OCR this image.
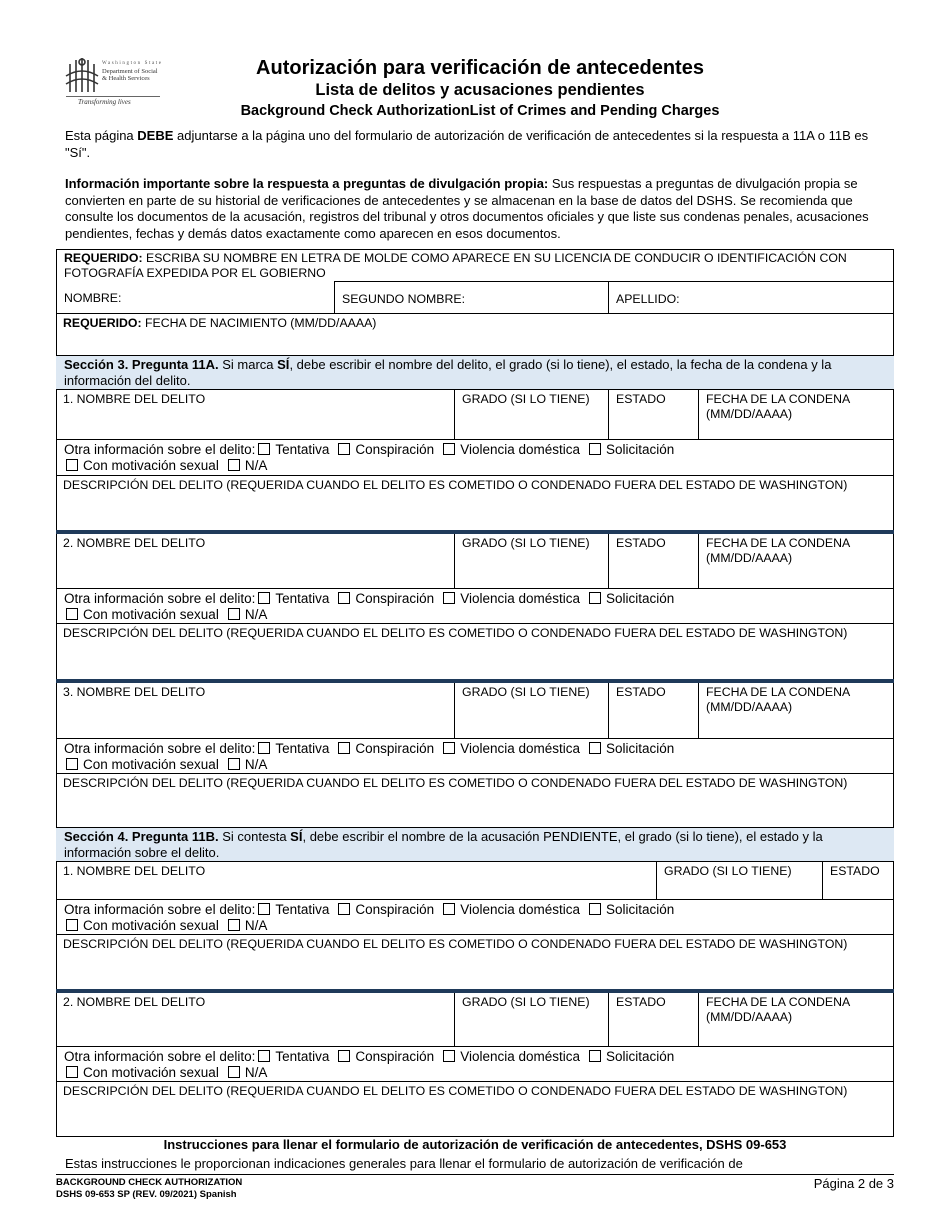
Washington State
Department of Social
& Health Services
Transforming lives
Autorización para verificación de antecedentes
Lista de delitos y acusaciones pendientes
Background Check AuthorizationList of Crimes and Pending Charges
Esta página DEBE adjuntarse a la página uno del formulario de autorización de verificación de antecedentes si la respuesta a 11A o 11B es "Sí".
Información importante sobre la respuesta a preguntas de divulgación propia: Sus respuestas a preguntas de divulgación propia se convierten en parte de su historial de verificaciones de antecedentes y se almacenan en la base de datos del DSHS. Se recomienda que consulte los documentos de la acusación, registros del tribunal y otros documentos oficiales y que liste sus condenas penales, acusaciones pendientes, fechas y demás datos exactamente como aparecen en esos documentos.
REQUERIDO: ESCRIBA SU NOMBRE EN LETRA DE MOLDE COMO APARECE EN SU LICENCIA DE CONDUCIR O IDENTIFICACIÓN CON FOTOGRAFÍA EXPEDIDA POR EL GOBIERNO
NOMBRE:	SEGUNDO NOMBRE:	APELLIDO:
REQUERIDO: FECHA DE NACIMIENTO (MM/DD/AAAA)
Sección 3. Pregunta 11A. Si marca SÍ, debe escribir el nombre del delito, el grado (si lo tiene), el estado, la fecha de la condena y la información del delito.
1. NOMBRE DEL DELITO	GRADO (SI LO TIENE)	ESTADO	FECHA DE LA CONDENA (MM/DD/AAAA)
Otra información sobre el delito: Tentativa Conspiración Violencia doméstica Solicitación
Con motivación sexual N/A
DESCRIPCIÓN DEL DELITO (REQUERIDA CUANDO EL DELITO ES COMETIDO O CONDENADO FUERA DEL ESTADO DE WASHINGTON)
2. NOMBRE DEL DELITO	GRADO (SI LO TIENE)	ESTADO	FECHA DE LA CONDENA (MM/DD/AAAA)
Otra información sobre el delito: Tentativa Conspiración Violencia doméstica Solicitación
Con motivación sexual N/A
DESCRIPCIÓN DEL DELITO (REQUERIDA CUANDO EL DELITO ES COMETIDO O CONDENADO FUERA DEL ESTADO DE WASHINGTON)
3. NOMBRE DEL DELITO	GRADO (SI LO TIENE)	ESTADO	FECHA DE LA CONDENA (MM/DD/AAAA)
Otra información sobre el delito: Tentativa Conspiración Violencia doméstica Solicitación
Con motivación sexual N/A
DESCRIPCIÓN DEL DELITO (REQUERIDA CUANDO EL DELITO ES COMETIDO O CONDENADO FUERA DEL ESTADO DE WASHINGTON)
Sección 4. Pregunta 11B. Si contesta SÍ, debe escribir el nombre de la acusación PENDIENTE, el grado (si lo tiene), el estado y la información sobre el delito.
1. NOMBRE DEL DELITO	GRADO (SI LO TIENE)	ESTADO
Otra información sobre el delito: Tentativa Conspiración Violencia doméstica Solicitación
Con motivación sexual N/A
DESCRIPCIÓN DEL DELITO (REQUERIDA CUANDO EL DELITO ES COMETIDO O CONDENADO FUERA DEL ESTADO DE WASHINGTON)
2. NOMBRE DEL DELITO	GRADO (SI LO TIENE)	ESTADO	FECHA DE LA CONDENA (MM/DD/AAAA)
Otra información sobre el delito: Tentativa Conspiración Violencia doméstica Solicitación
Con motivación sexual N/A
DESCRIPCIÓN DEL DELITO (REQUERIDA CUANDO EL DELITO ES COMETIDO O CONDENADO FUERA DEL ESTADO DE WASHINGTON)
Instrucciones para llenar el formulario de autorización de verificación de antecedentes, DSHS 09-653
Estas instrucciones le proporcionan indicaciones generales para llenar el formulario de autorización de verificación de
BACKGROUND CHECK AUTHORIZATION
DSHS 09-653 SP (REV. 09/2021) Spanish
Página 2 de 3
